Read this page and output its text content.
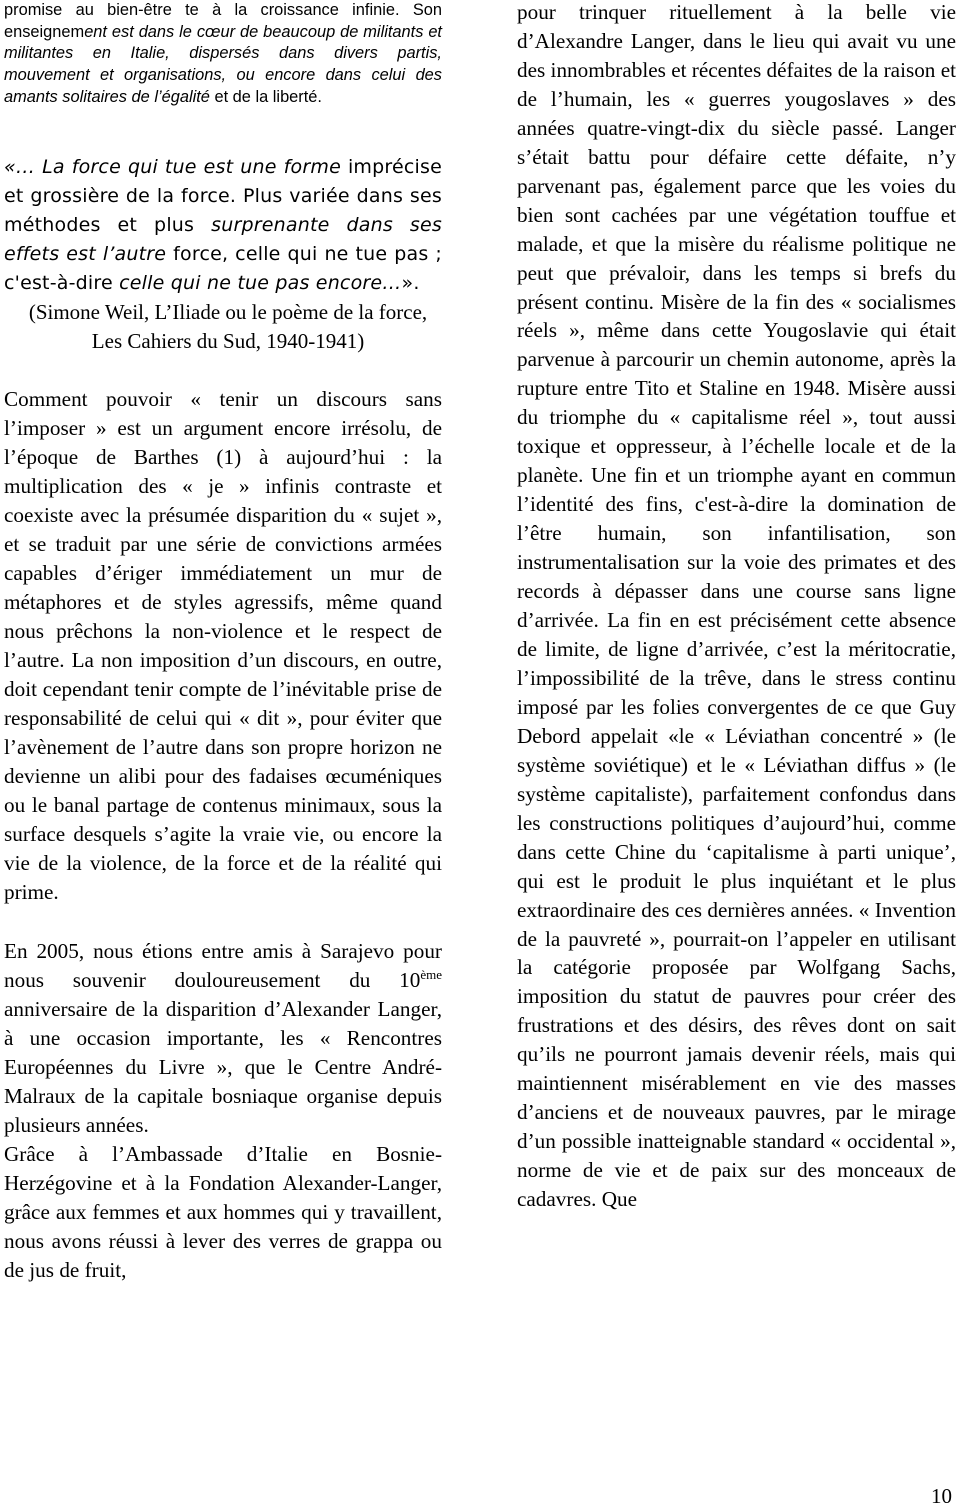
promise au bien-être te à la croissance infinie. Son enseignement est dans le cœur de beaucoup de militants et militantes en Italie, dispersés dans divers partis, mouvement et organisations, ou encore dans celui des amants solitaires de l’égalité et de la liberté.

«… La force qui tue est une forme imprécise et grossière de la force. Plus variée dans ses méthodes et plus surprenante dans ses effets est l’autre force, celle qui ne tue pas ; c'est-à-dire celle qui ne tue pas encore…».

(Simone Weil, L’Iliade ou le poème de la force, Les Cahiers du Sud, 1940-1941)

Comment pouvoir « tenir un discours sans l’imposer » est un argument encore irrésolu, de l’époque de Barthes (1) à aujourd’hui : la multiplication des « je » infinis contraste et coexiste avec la présumée disparition du « sujet », et se traduit par une série de convictions armées capables d’ériger immédiatement un mur de métaphores et de styles agressifs, même quand nous prêchons la non-violence et le respect de l’autre. La non imposition d’un discours, en outre, doit cependant tenir compte de l’inévitable prise de responsabilité de celui qui « dit », pour éviter que l’avènement de l’autre dans son propre horizon ne devienne un alibi pour des fadaises œcuméniques ou le banal partage de contenus minimaux, sous la surface desquels s’agite la vraie vie, ou encore la vie de la violence, de la force et de la réalité qui prime.

En 2005, nous étions entre amis à Sarajevo pour nous souvenir douloureusement du 10ème anniversaire de la disparition d’Alexander Langer, à une occasion importante, les « Rencontres Européennes du Livre », que le Centre André-Malraux de la capitale bosniaque organise depuis plusieurs années.

Grâce à l’Ambassade d’Italie en Bosnie-Herzégovine et à la Fondation Alexander-Langer, grâce aux femmes et aux hommes qui y travaillent, nous avons réussi à lever des verres de grappa ou de jus de fruit,

pour trinquer rituellement à la belle vie d’Alexandre Langer, dans le lieu qui avait vu une des innombrables et récentes défaites de la raison et de l’humain, les « guerres yougoslaves » des années quatre-vingt-dix du siècle passé. Langer s’était battu pour défaire cette défaite, n’y parvenant pas, également parce que les voies du bien sont cachées par une végétation touffue et malade, et que la misère du réalisme politique ne peut que prévaloir, dans les temps si brefs du présent continu. Misère de la fin des « socialismes réels », même dans cette Yougoslavie qui était parvenue à parcourir un chemin autonome, après la rupture entre Tito et Staline en 1948. Misère aussi du triomphe du « capitalisme réel », tout aussi toxique et oppresseur, à l’échelle locale et de la planète. Une fin et un triomphe ayant en commun l’identité des fins, c'est-à-dire la domination de l’être humain, son infantilisation, son instrumentalisation sur la voie des primates et des records à dépasser dans une course sans ligne d’arrivée. La fin en est précisément cette absence de limite, de ligne d’arrivée, c’est la méritocratie, l’impossibilité de la trêve, dans le stress continu imposé par les folies convergentes de ce que Guy Debord appelait «le « Léviathan concentré » (le système soviétique) et le « Léviathan diffus » (le système capitaliste), parfaitement confondus dans les constructions politiques d’aujourd’hui, comme dans cette Chine du ‘capitalisme à parti unique’, qui est le produit le plus inquiétant et le plus extraordinaire des ces dernières années. « Invention de la pauvreté », pourrait-on l’appeler en utilisant la catégorie proposée par Wolfgang Sachs, imposition du statut de pauvres pour créer des frustrations et des désirs, des rêves dont on sait qu’ils ne pourront jamais devenir réels, mais qui maintiennent misérablement en vie des masses d’anciens et de nouveaux pauvres, par le mirage d’un possible inatteignable standard « occidental », norme de vie et de paix sur des monceaux de cadavres. Que

10
